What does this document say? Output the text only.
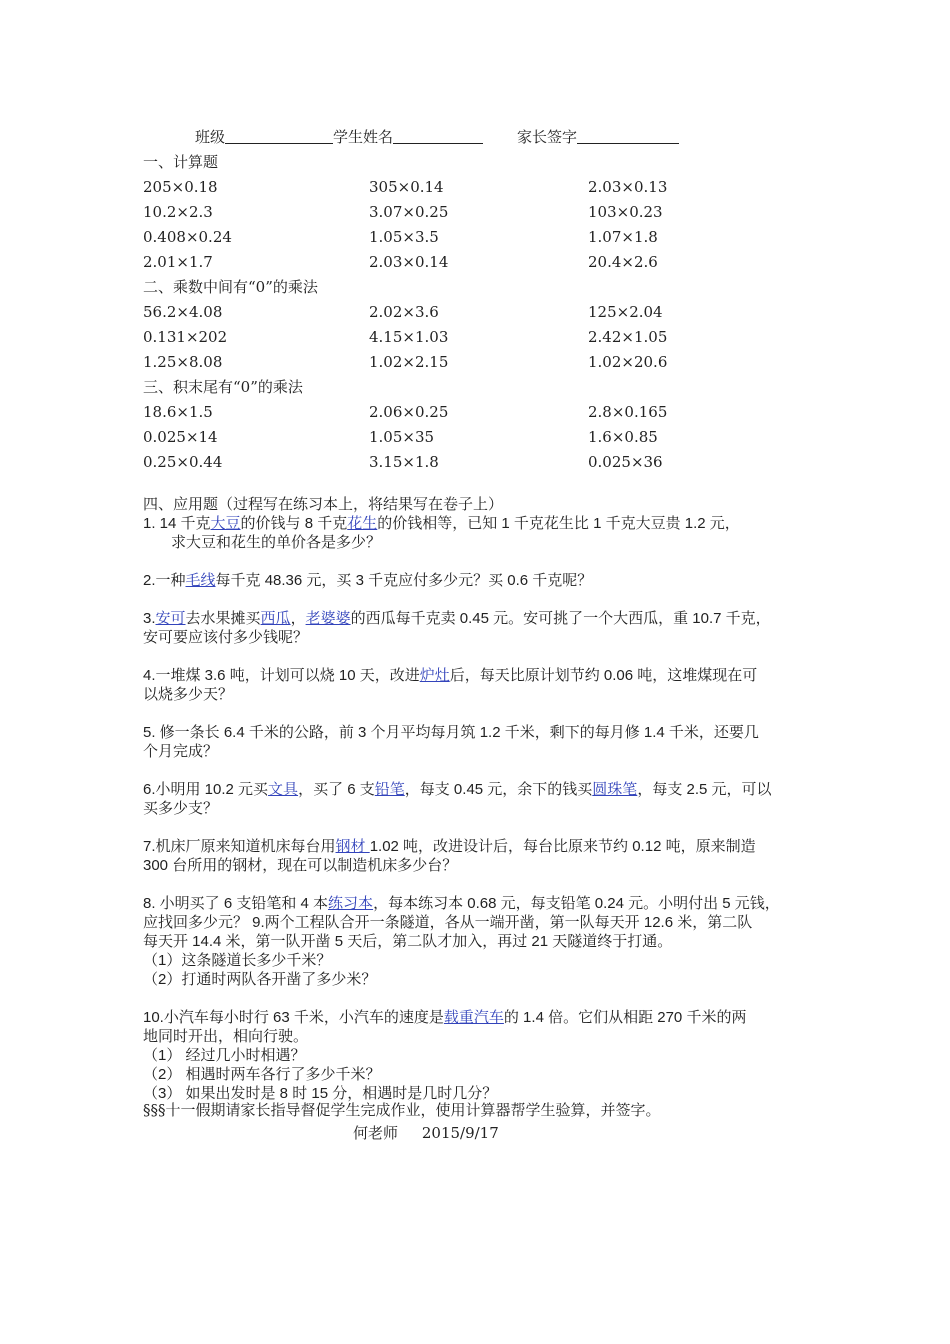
班级	学生姓名	家长签字
一、计算题
205×0.18	305×0.14	2.03×0.13
10.2×2.3	3.07×0.25	103×0.23
0.408×0.24	1.05×3.5	1.07×1.8
2.01×1.7	2.03×0.14	20.4×2.6
二、乘数中间有“0”的乘法
56.2×4.08	2.02×3.6	125×2.04
0.131×202	4.15×1.03	2.42×1.05
1.25×8.08	1.02×2.15	1.02×20.6
三、积末尾有“0”的乘法
18.6×1.5	2.06×0.25	2.8×0.165
0.025×14	1.05×35	1.6×0.85
0.25×0.44	3.15×1.8	0.025×36
四、应用题（过程写在练习本上，将结果写在卷子上）
1. 14 千克大豆的价钱与 8 千克花生的价钱相等，已知 1 千克花生比 1 千克大豆贵 1.2 元，
求大豆和花生的单价各是多少？
2.一种毛线每千克 48.36 元，买 3 千克应付多少元？买 0.6 千克呢？
3.安可去水果摊买西瓜，老婆婆的西瓜每千克卖 0.45 元。安可挑了一个大西瓜，重 10.7 千克，
安可要应该付多少钱呢？
4.一堆煤 3.6 吨，计划可以烧 10 天，改进炉灶后，每天比原计划节约 0.06 吨，这堆煤现在可
以烧多少天？
5. 修一条长 6.4 千米的公路，前 3 个月平均每月筑 1.2 千米，剩下的每月修 1.4 千米，还要几
个月完成？
6.小明用 10.2 元买文具，买了 6 支铅笔，每支 0.45 元，余下的钱买圆珠笔，每支 2.5 元，可以
买多少支？
7.机床厂原来知道机床每台用钢材 1.02 吨，改进设计后，每台比原来节约 0.12 吨，原来制造
300 台所用的钢材，现在可以制造机床多少台？
8. 小明买了 6 支铅笔和 4 本练习本，每本练习本 0.68 元，每支铅笔 0.24 元。小明付出 5 元钱，
应找回多少元？ 9.两个工程队合开一条隧道，各从一端开凿，第一队每天开 12.6 米，第二队
每天开 14.4 米，第一队开凿 5 天后，第二队才加入，再过 21 天隧道终于打通。
（1）这条隧道长多少千米？
（2）打通时两队各开凿了多少米？
10.小汽车每小时行 63 千米，小汽车的速度是载重汽车的 1.4 倍。它们从相距 270 千米的两
地同时开出，相向行驶。
（1） 经过几小时相遇？
（2） 相遇时两车各行了多少千米？
（3） 如果出发时是 8 时 15 分，相遇时是几时几分？
§§§十一假期请家长指导督促学生完成作业，使用计算器帮学生验算，并签字。
何老师 2015/9/17
